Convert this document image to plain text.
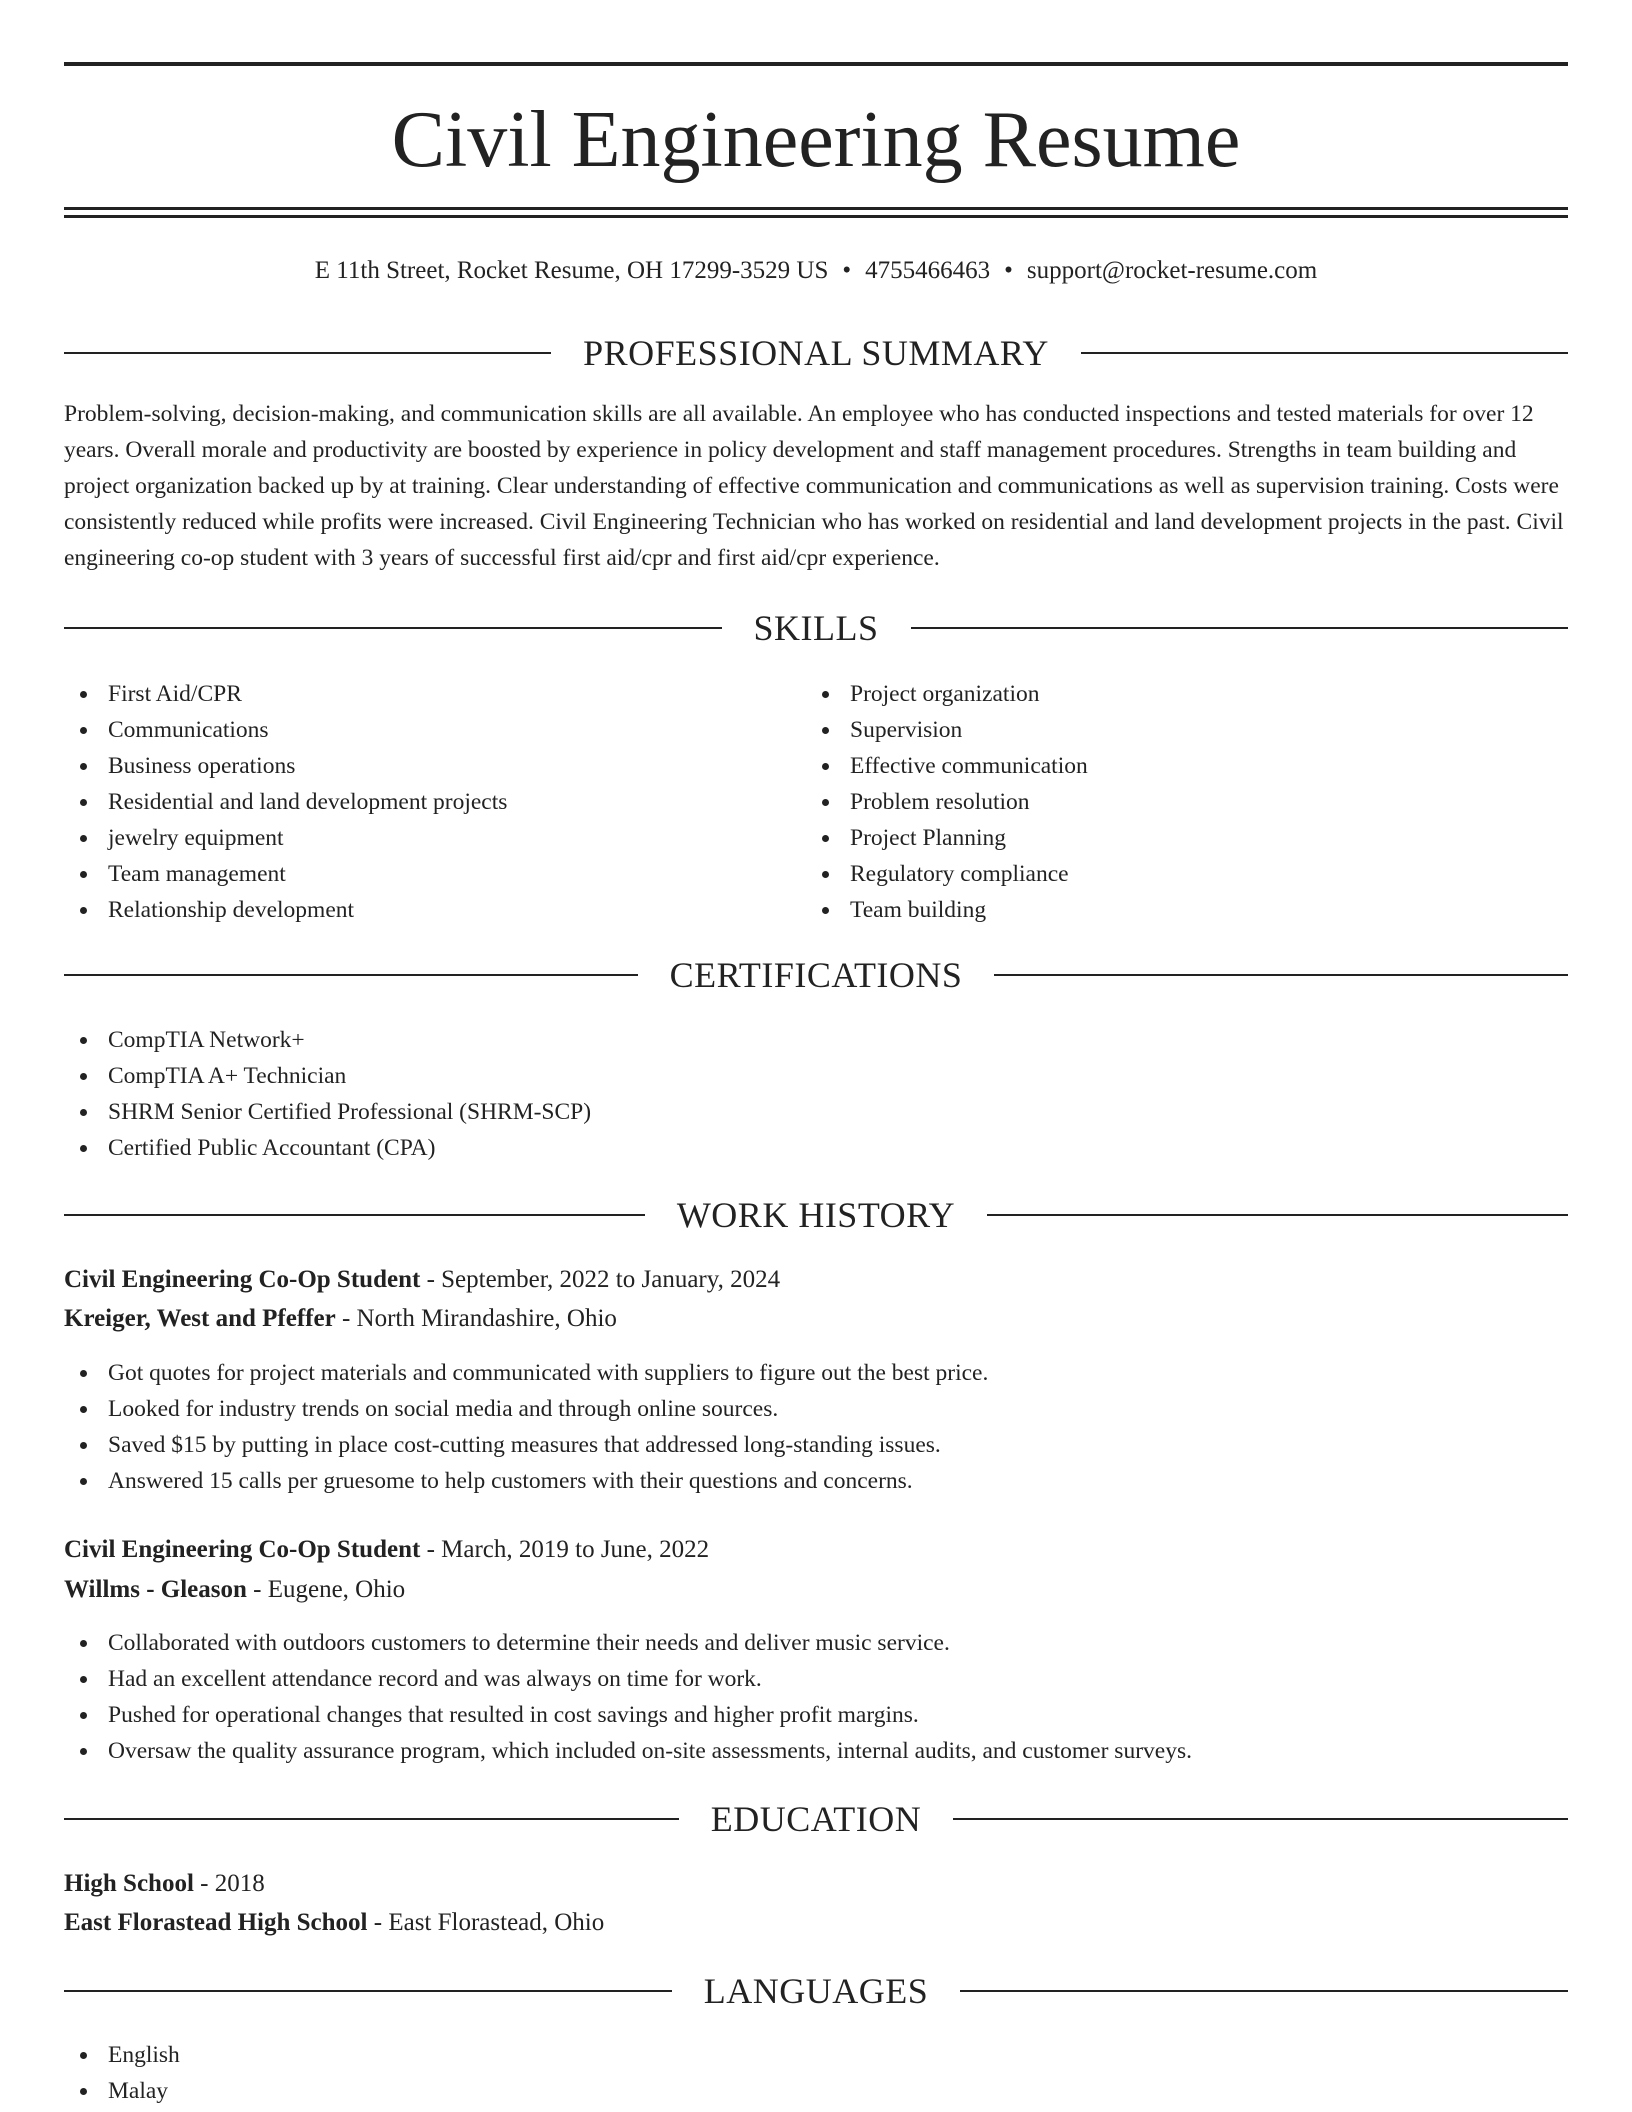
Civil Engineering Resume
E 11th Street, Rocket Resume, OH 17299-3529 US • 4755466463 • support@rocket-resume.com
PROFESSIONAL SUMMARY

Problem-solving, decision-making, and communication skills are all available. An employee who has conducted inspections and tested materials for over 12 years. Overall morale and productivity are boosted by experience in policy development and staff management procedures. Strengths in team building and project organization backed up by at training. Clear understanding of effective communication and communications as well as supervision training. Costs were consistently reduced while profits were increased. Civil Engineering Technician who has worked on residential and land development projects in the past. Civil engineering co-op student with 3 years of successful first aid/cpr and first aid/cpr experience.

SKILLS
First Aid/CPR
Communications
Business operations
Residential and land development projects
jewelry equipment
Team management
Relationship development
Project organization
Supervision
Effective communication
Problem resolution
Project Planning
Regulatory compliance
Team building
CERTIFICATIONS
CompTIA Network+
CompTIA A+ Technician
SHRM Senior Certified Professional (SHRM-SCP)
Certified Public Accountant (CPA)
WORK HISTORY
Civil Engineering Co-Op Student - September, 2022 to January, 2024
Kreiger, West and Pfeffer - North Mirandashire, Ohio
Got quotes for project materials and communicated with suppliers to figure out the best price.
Looked for industry trends on social media and through online sources.
Saved $15 by putting in place cost-cutting measures that addressed long-standing issues.
Answered 15 calls per gruesome to help customers with their questions and concerns.
Civil Engineering Co-Op Student - March, 2019 to June, 2022
Willms - Gleason - Eugene, Ohio
Collaborated with outdoors customers to determine their needs and deliver music service.
Had an excellent attendance record and was always on time for work.
Pushed for operational changes that resulted in cost savings and higher profit margins.
Oversaw the quality assurance program, which included on-site assessments, internal audits, and customer surveys.
EDUCATION
High School - 2018
East Florastead High School - East Florastead, Ohio
LANGUAGES
English
Malay
